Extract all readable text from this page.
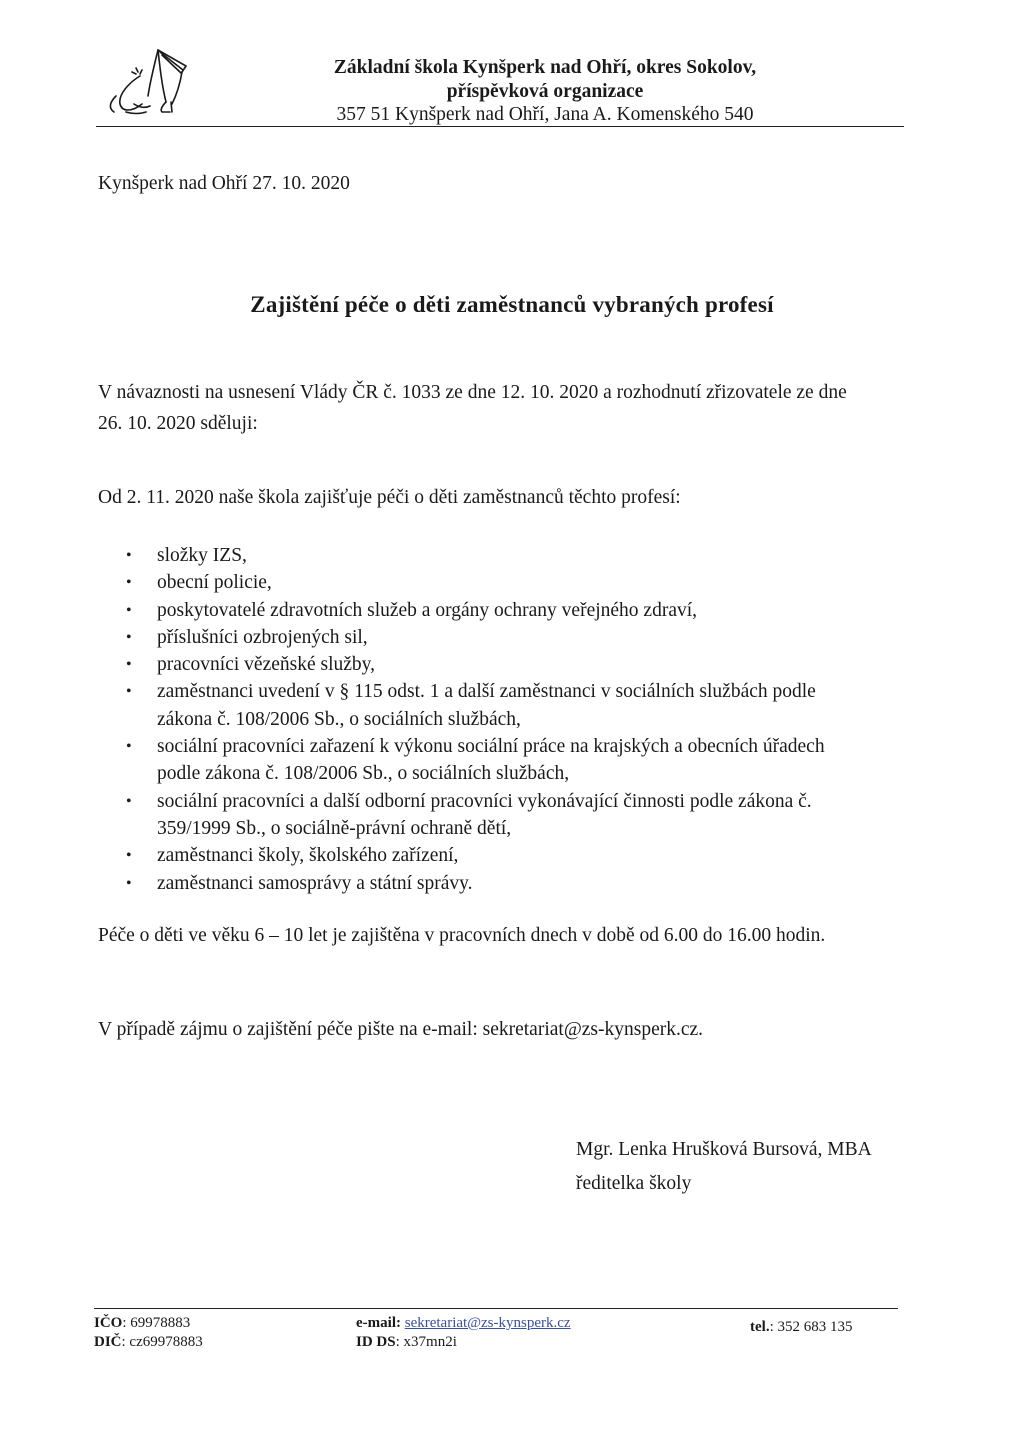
Základní škola Kynšperk nad Ohří, okres Sokolov,
příspěvková organizace
357 51 Kynšperk nad Ohří, Jana A. Komenského 540
Kynšperk nad Ohří 27. 10. 2020
Zajištění péče o děti zaměstnanců vybraných profesí
V návaznosti na usnesení Vlády ČR č. 1033 ze dne 12. 10. 2020 a rozhodnutí zřizovatele ze dne
26. 10. 2020 sděluji:
Od 2. 11. 2020 naše škola zajišťuje péči o děti zaměstnanců těchto profesí:
• složky IZS,
• obecní policie,
• poskytovatelé zdravotních služeb a orgány ochrany veřejného zdraví,
• příslušníci ozbrojených sil,
• pracovníci vězeňské služby,
• zaměstnanci uvedení v § 115 odst. 1 a další zaměstnanci v sociálních službách podle
zákona č. 108/2006 Sb., o sociálních službách,
• sociální pracovníci zařazení k výkonu sociální práce na krajských a obecních úřadech
podle zákona č. 108/2006 Sb., o sociálních službách,
• sociální pracovníci a další odborní pracovníci vykonávající činnosti podle zákona č.
359/1999 Sb., o sociálně-právní ochraně dětí,
• zaměstnanci školy, školského zařízení,
• zaměstnanci samosprávy a státní správy.
Péče o děti ve věku 6 – 10 let je zajištěna v pracovních dnech v době od 6.00 do 16.00 hodin.
V případě zájmu o zajištění péče pište na e-mail: sekretariat@zs-kynsperk.cz.
Mgr. Lenka Hrušková Bursová, MBA
ředitelka školy
IČO: 69978883
DIČ: cz69978883
e-mail: sekretariat@zs-kynsperk.cz
ID DS: x37mn2i
tel.: 352 683 135
